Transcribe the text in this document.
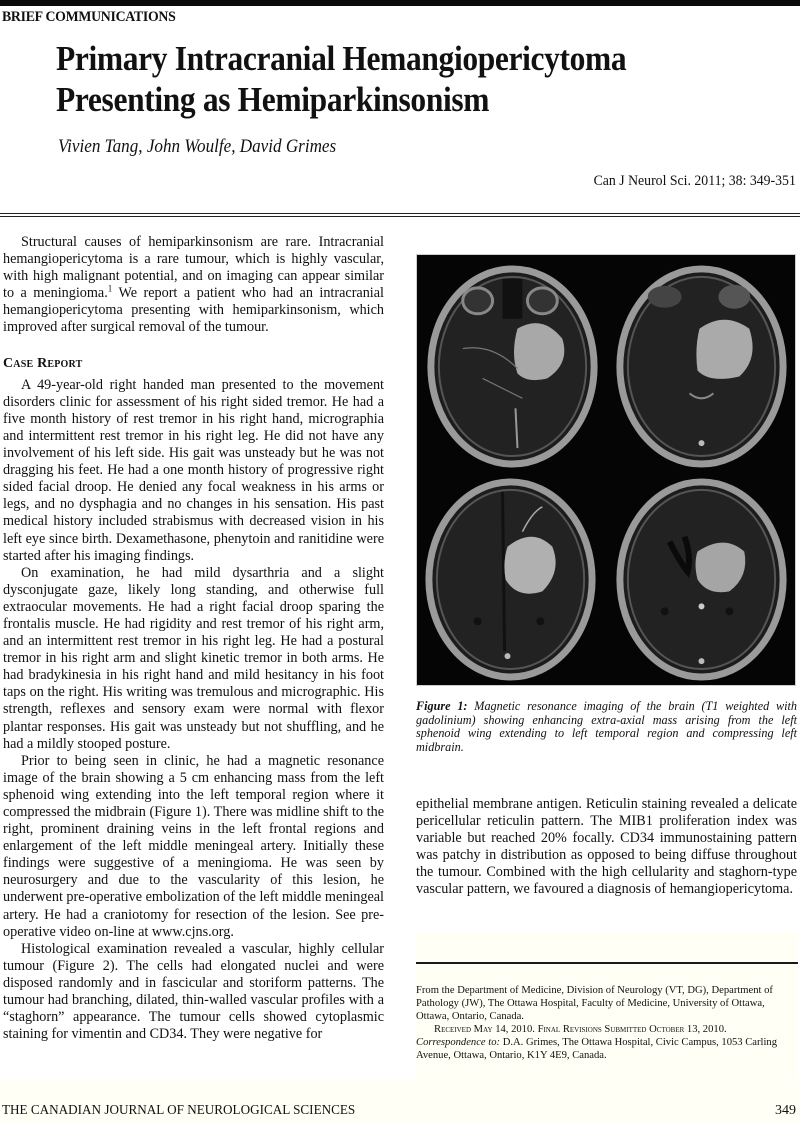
BRIEF COMMUNICATIONS
Primary Intracranial Hemangiopericytoma
Presenting as Hemiparkinsonism
Vivien Tang, John Woulfe, David Grimes
Can J Neurol Sci. 2011; 38: 349-351

Structural causes of hemiparkinsonism are rare. Intracranial hemangiopericytoma is a rare tumour, which is highly vascular, with high malignant potential, and on imaging can appear similar to a meningioma.$^1$ We report a patient who had an intracranial hemangiopericytoma presenting with hemiparkinsonism, which improved after surgical removal of the tumour.

Case Report

A 49-year-old right handed man presented to the movement disorders clinic for assessment of his right sided tremor. He had a five month history of rest tremor in his right hand, micrographia and intermittent rest tremor in his right leg. He did not have any involvement of his left side. His gait was unsteady but he was not dragging his feet. He had a one month history of progressive right sided facial droop. He denied any focal weakness in his arms or legs, and no dysphagia and no changes in his sensation. His past medical history included strabismus with decreased vision in his left eye since birth. Dexamethasone, phenytoin and ranitidine were started after his imaging findings.

On examination, he had mild dysarthria and a slight dysconjugate gaze, likely long standing, and otherwise full extraocular movements. He had a right facial droop sparing the frontalis muscle. He had rigidity and rest tremor of his right arm, and an intermittent rest tremor in his right leg. He had a postural tremor in his right arm and slight kinetic tremor in both arms. He had bradykinesia in his right hand and mild hesitancy in his foot taps on the right. His writing was tremulous and micrographic. His strength, reflexes and sensory exam were normal with flexor plantar responses. His gait was unsteady but not shuffling, and he had a mildly stooped posture.

Prior to being seen in clinic, he had a magnetic resonance image of the brain showing a 5 cm enhancing mass from the left sphenoid wing extending into the left temporal region where it compressed the midbrain (Figure 1). There was midline shift to the right, prominent draining veins in the left frontal regions and enlargement of the left middle meningeal artery. Initially these findings were suggestive of a meningioma. He was seen by neurosurgery and due to the vascularity of this lesion, he underwent pre-operative embolization of the left middle meningeal artery. He had a craniotomy for resection of the lesion. See pre-operative video on-line at www.cjns.org.

Histological examination revealed a vascular, highly cellular tumour (Figure 2). The cells had elongated nuclei and were disposed randomly and in fascicular and storiform patterns. The tumour had branching, dilated, thin-walled vascular profiles with a “staghorn” appearance. The tumour cells showed cytoplasmic staining for vimentin and CD34. They were negative for

Figure 1: Magnetic resonance imaging of the brain (T1 weighted with gadolinium) showing enhancing extra-axial mass arising from the left sphenoid wing extending to left temporal region and compressing left midbrain.

epithelial membrane antigen. Reticulin staining revealed a delicate pericellular reticulin pattern. The MIB1 proliferation index was variable but reached 20% focally. CD34 immunostaining pattern was patchy in distribution as opposed to being diffuse throughout the tumour. Combined with the high cellularity and staghorn-type vascular pattern, we favoured a diagnosis of hemangiopericytoma.

From the Department of Medicine, Division of Neurology (VT, DG), Department of Pathology (JW), The Ottawa Hospital, Faculty of Medicine, University of Ottawa, Ottawa, Ontario, Canada.

Received May 14, 2010. Final Revisions Submitted October 13, 2010.

Correspondence to: D.A. Grimes, The Ottawa Hospital, Civic Campus, 1053 Carling Avenue, Ottawa, Ontario, K1Y 4E9, Canada.

THE CANADIAN JOURNAL OF NEUROLOGICAL SCIENCES	349
